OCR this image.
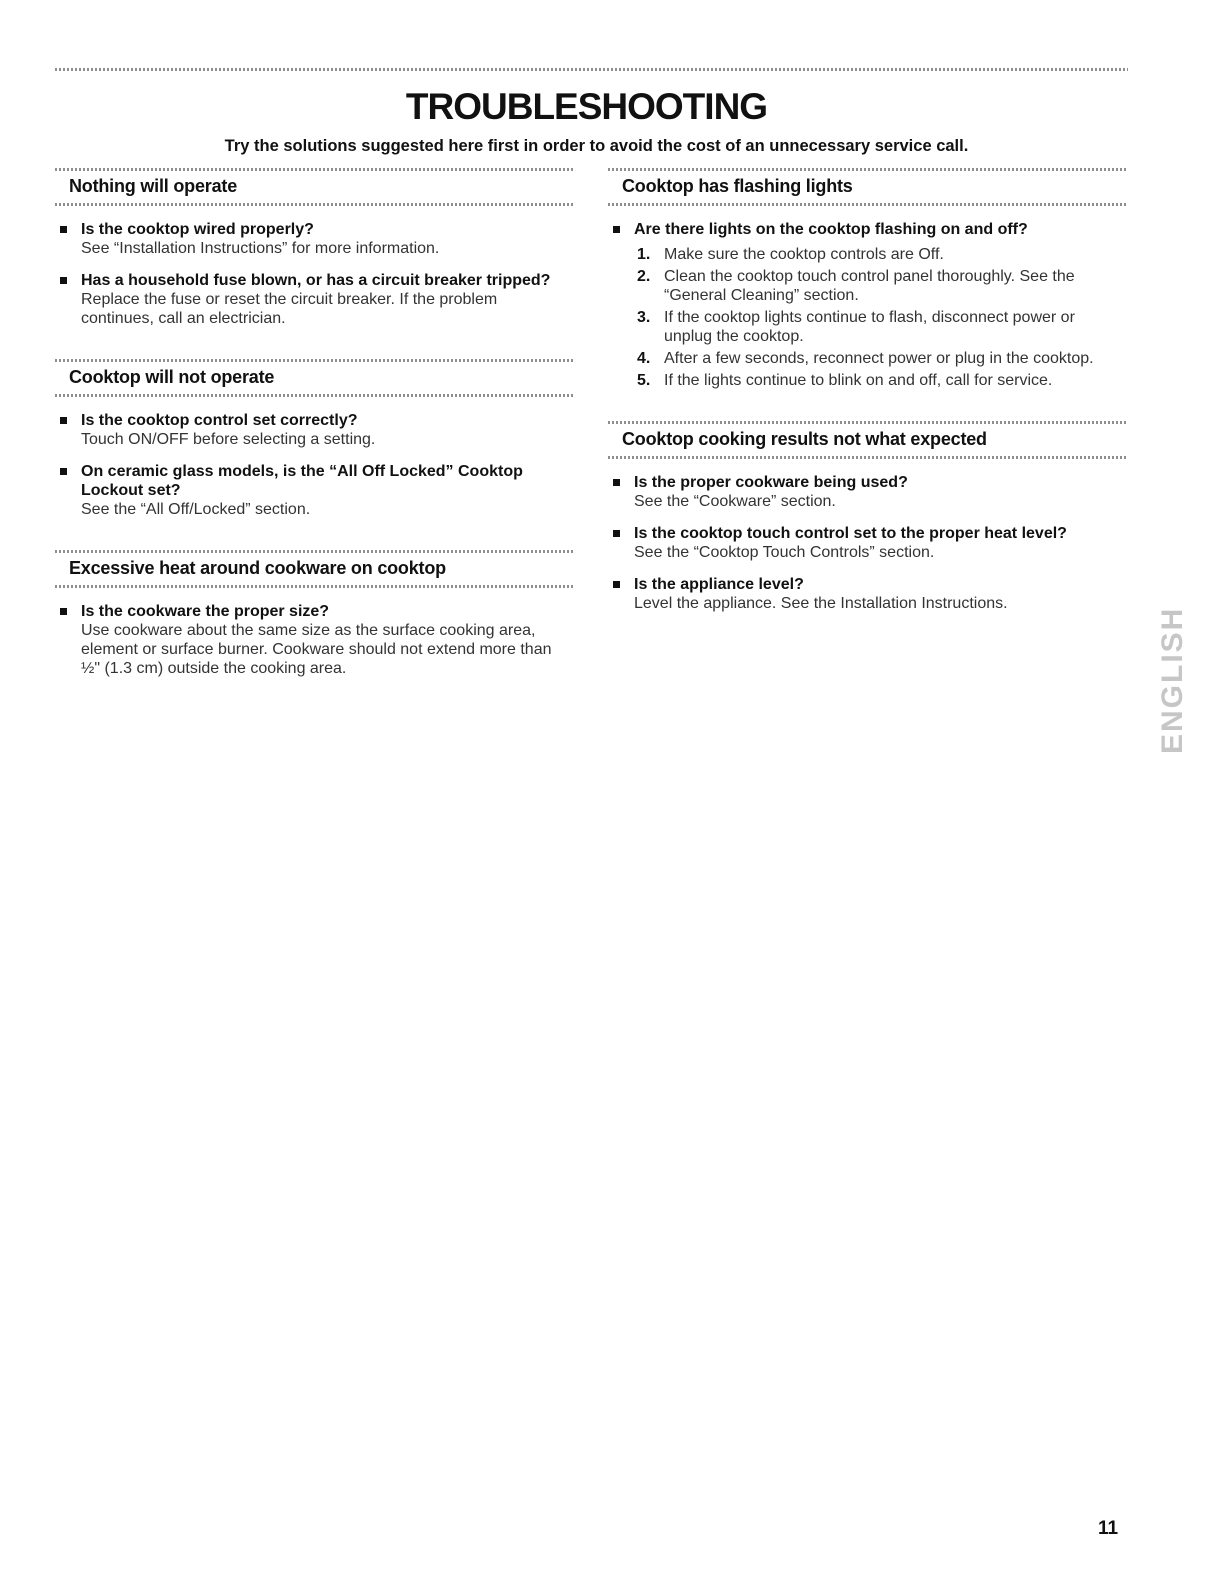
TROUBLESHOOTING

Try the solutions suggested here first in order to avoid the cost of an unnecessary service call.

Nothing will operate
Is the cooktop wired properly?
See “Installation Instructions” for more information.
Has a household fuse blown, or has a circuit breaker tripped?
Replace the fuse or reset the circuit breaker. If the problem continues, call an electrician.
Cooktop will not operate
Is the cooktop control set correctly?
Touch ON/OFF before selecting a setting.
On ceramic glass models, is the “All Off Locked” Cooktop Lockout set?
See the “All Off/Locked” section.
Excessive heat around cookware on cooktop
Is the cookware the proper size?
Use cookware about the same size as the surface cooking area, element or surface burner. Cookware should not extend more than ½" (1.3 cm) outside the cooking area.
Cooktop has flashing lights
Are there lights on the cooktop flashing on and off?
1. Make sure the cooktop controls are Off.
2. Clean the cooktop touch control panel thoroughly. See the “General Cleaning” section.
3. If the cooktop lights continue to flash, disconnect power or unplug the cooktop.
4. After a few seconds, reconnect power or plug in the cooktop.
5. If the lights continue to blink on and off, call for service.
Cooktop cooking results not what expected
Is the proper cookware being used?
See the “Cookware” section.
Is the cooktop touch control set to the proper heat level?
See the “Cooktop Touch Controls” section.
Is the appliance level?
Level the appliance. See the Installation Instructions.
ENGLISH
11
